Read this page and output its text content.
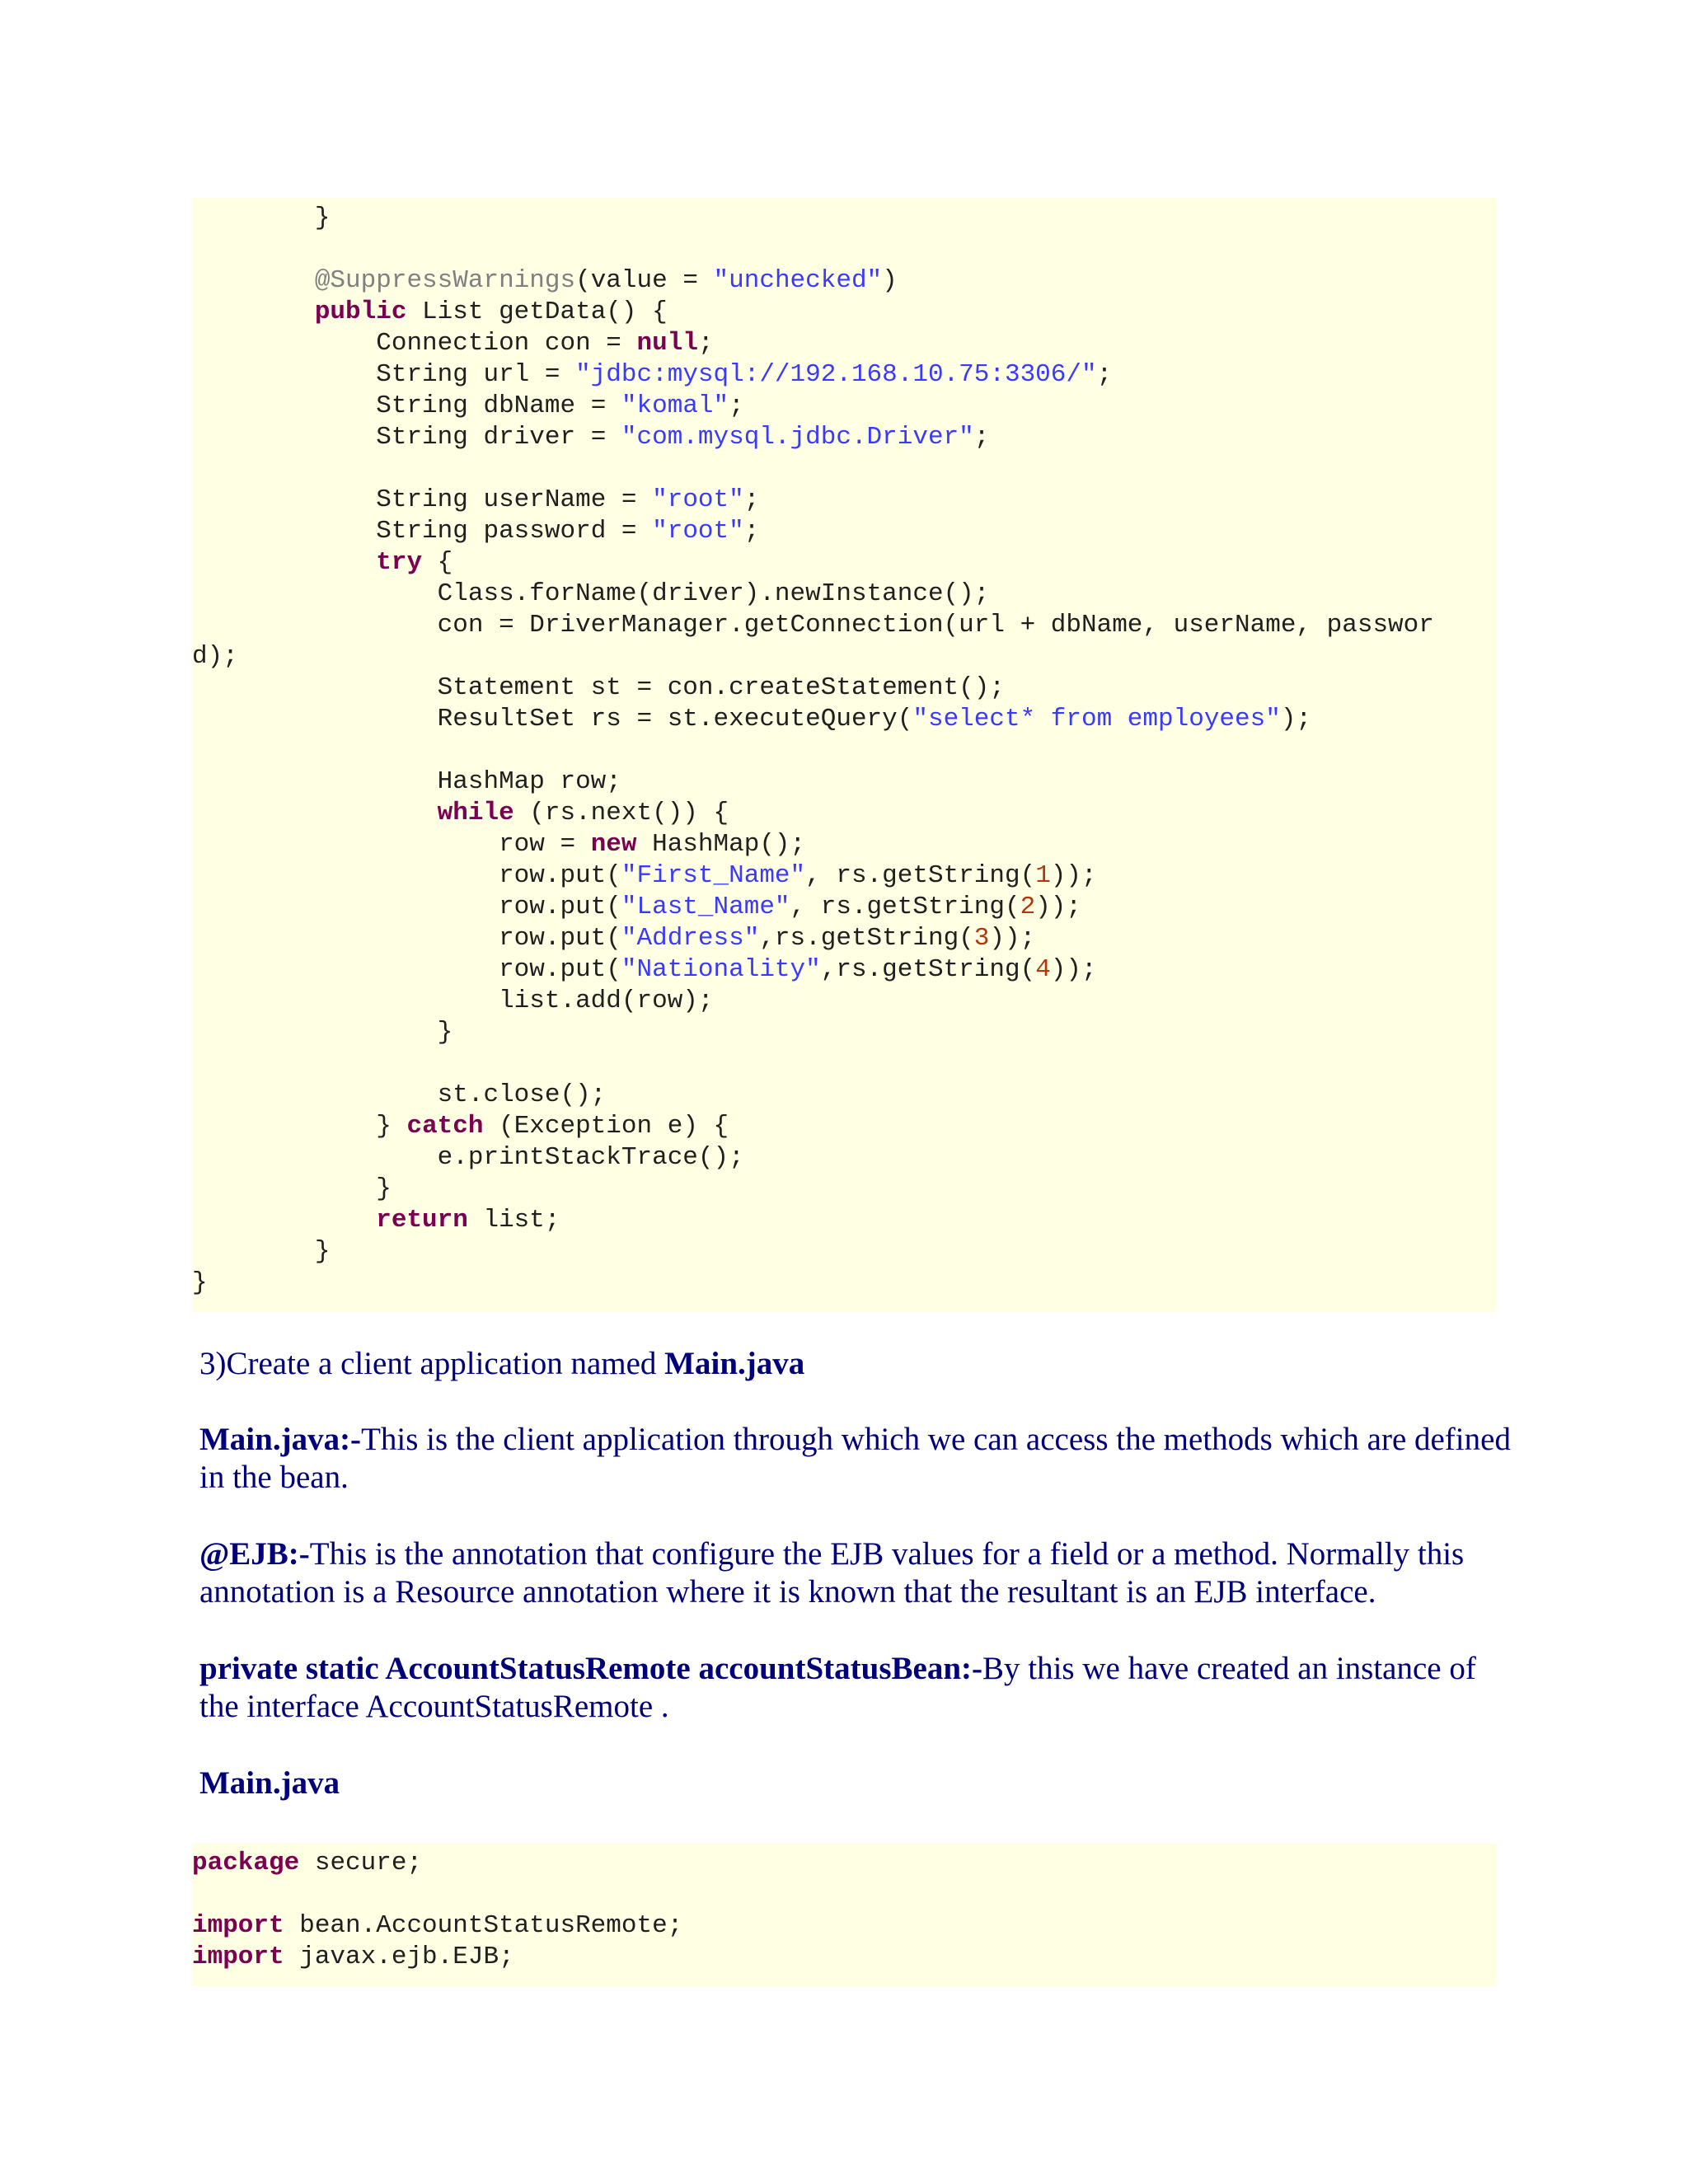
}
@SuppressWarnings(value = "unchecked")
public List getData() {
Connection con = null;
String url = "jdbc:mysql://192.168.10.75:3306/";
String dbName = "komal";
String driver = "com.mysql.jdbc.Driver";
String userName = "root";
String password = "root";
try {
Class.forName(driver).newInstance();
con = DriverManager.getConnection(url + dbName, userName, passwor
d);
Statement st = con.createStatement();
ResultSet rs = st.executeQuery("select* from employees");
HashMap row;
while (rs.next()) {
row = new HashMap();
row.put("First_Name", rs.getString(1));
row.put("Last_Name", rs.getString(2));
row.put("Address",rs.getString(3));
row.put("Nationality",rs.getString(4));
list.add(row);
}
st.close();
} catch (Exception e) {
e.printStackTrace();
}
return list;
}
}

3)Create a client application named Main.java

Main.java:-This is the client application through which we can access the methods which are defined in the bean.

@EJB:-This is the annotation that configure the EJB values for a field or a method. Normally this annotation is a Resource annotation where it is known that the resultant is an EJB interface.

private static AccountStatusRemote accountStatusBean:-By this we have created an instance of the interface AccountStatusRemote .

Main.java
package secure;
import bean.AccountStatusRemote;
import javax.ejb.EJB;
